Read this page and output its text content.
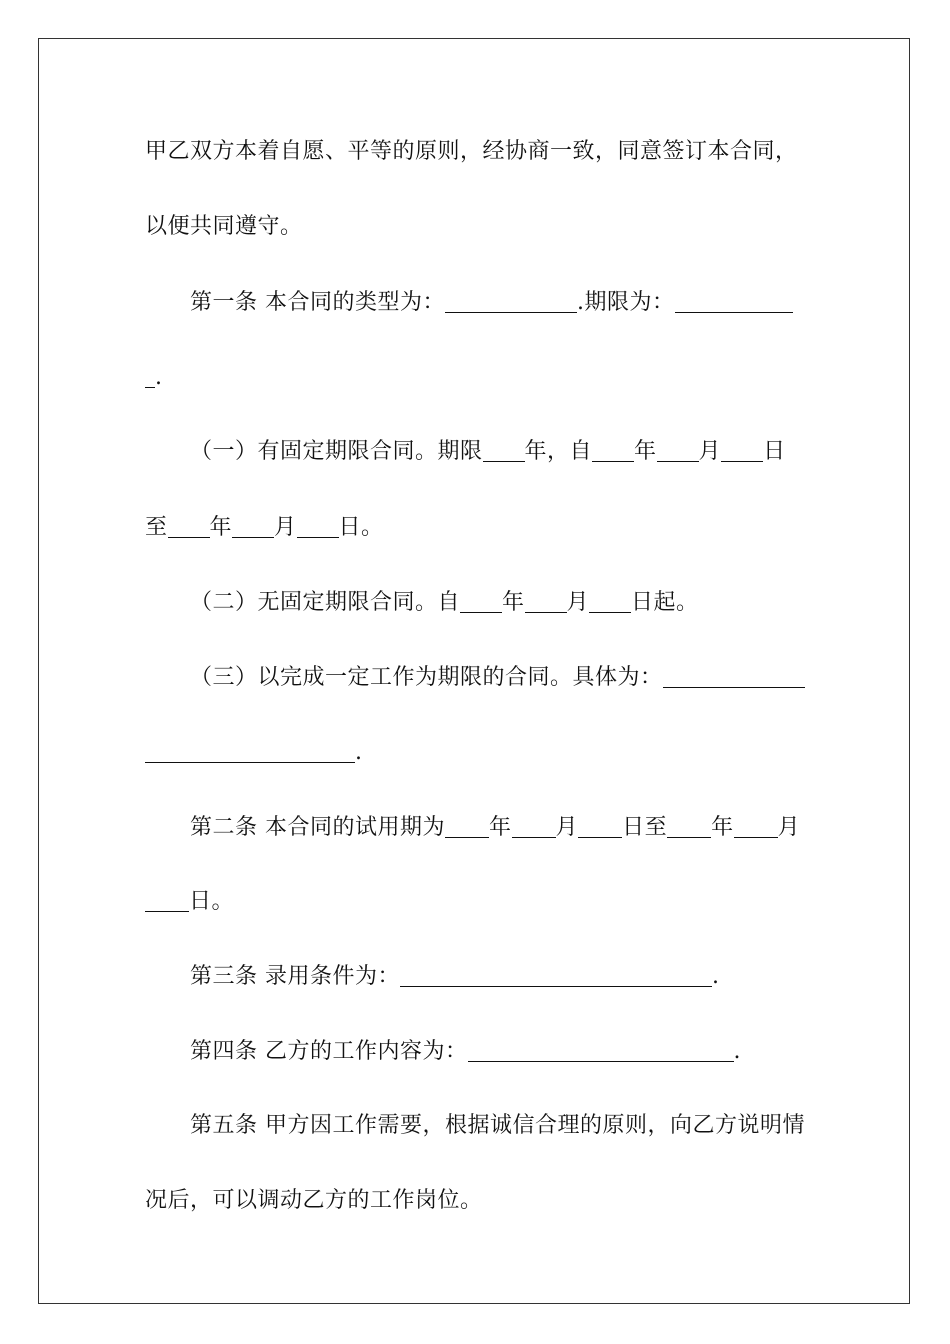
甲乙双方本着自愿、平等的原则，经协商一致，同意签订本合同，
以便共同遵守。
第一条 本合同的类型为：	.期限为：
.
（一）有固定期限合同。期限 年，自 年 月 日
至 年 月 日。
（二）无固定期限合同。自 年 月 日起。
（三）以完成一定工作为期限的合同。具体为：
.
第二条 本合同的试用期为 年 月 日至 年 月
日。
第三条 录用条件为：	.
第四条 乙方的工作内容为：	.
第五条 甲方因工作需要，根据诚信合理的原则，向乙方说明情
况后，可以调动乙方的工作岗位。
